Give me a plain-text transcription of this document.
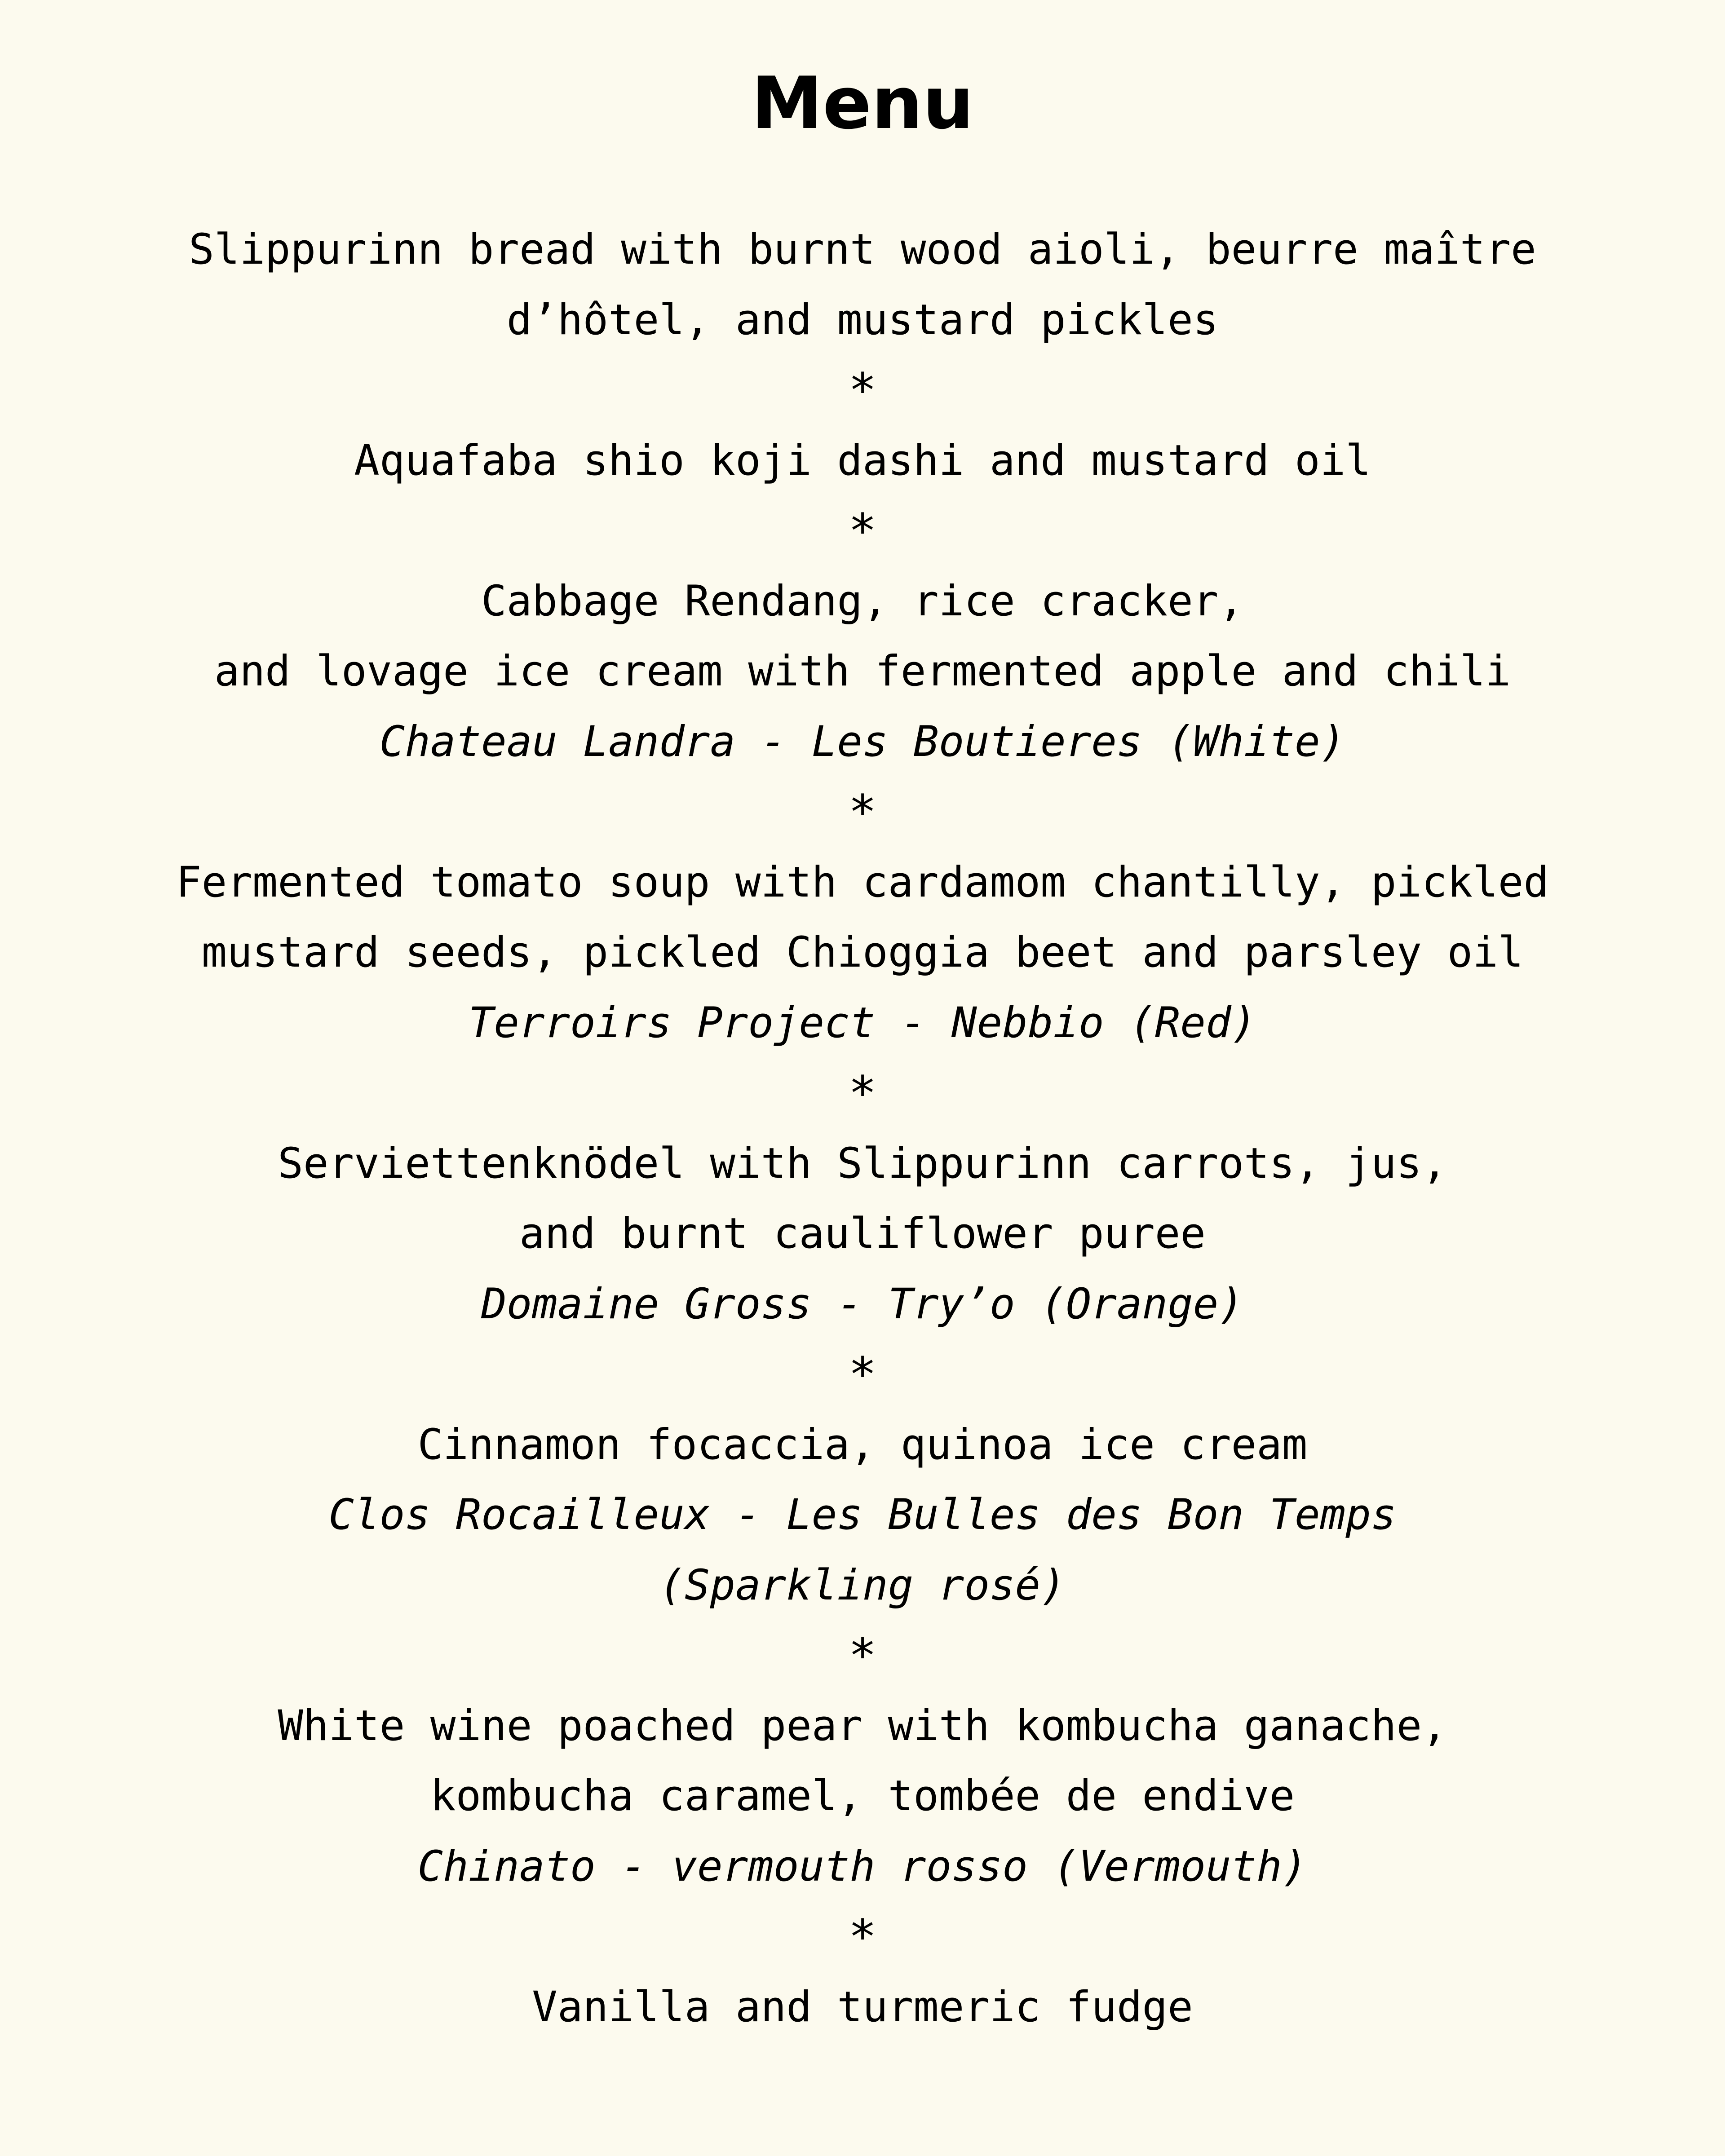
Menu
Slippurinn bread with burnt wood aioli, beurre maître
d’hôtel, and mustard pickles
*
Aquafaba shio koji dashi and mustard oil
*
Cabbage Rendang, rice cracker,
and lovage ice cream with fermented apple and chili
Chateau Landra - Les Boutieres (White)
*
Fermented tomato soup with cardamom chantilly, pickled
mustard seeds, pickled Chioggia beet and parsley oil
Terroirs Project - Nebbio (Red)
*
Serviettenknödel with Slippurinn carrots, jus,
and burnt cauliflower puree
Domaine Gross - Try’o (Orange)
*
Cinnamon focaccia, quinoa ice cream
Clos Rocailleux - Les Bulles des Bon Temps
(Sparkling rosé)
*
White wine poached pear with kombucha ganache,
kombucha caramel, tombée de endive
Chinato - vermouth rosso (Vermouth)
*
Vanilla and turmeric fudge
